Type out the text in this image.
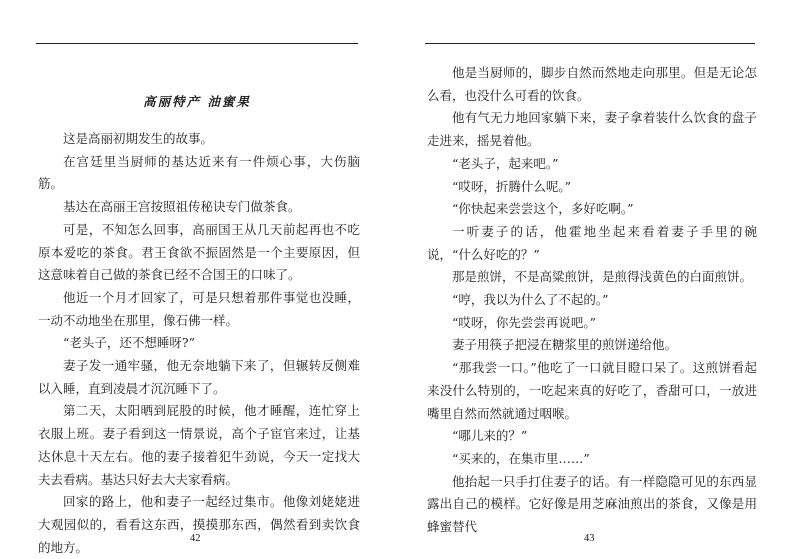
高丽特产 油蜜果

这是高丽初期发生的故事。

在宫廷里当厨师的基达近来有一件烦心事，大伤脑筋。

基达在高丽王宫按照祖传秘诀专门做茶食。

可是，不知怎么回事，高丽国王从几天前起再也不吃原本爱吃的茶食。君王食欲不振固然是一个主要原因，但这意味着自己做的茶食已经不合国王的口味了。

他近一个月才回家了，可是只想着那件事觉也没睡，一动不动地坐在那里，像石佛一样。

“老头子，还不想睡呀?”

妻子发一通牢骚，他无奈地躺下来了，但辗转反侧难以入睡，直到凌晨才沉沉睡下了。

第二天，太阳晒到屁股的时候，他才睡醒，连忙穿上衣服上班。妻子看到这一情景说，高个子宦官来过，让基达休息十天左右。他的妻子接着犯牛劲说，今天一定找大夫去看病。基达只好去大夫家看病。

回家的路上，他和妻子一起经过集市。他像刘姥姥进大观园似的，看看这东西，摸摸那东西，偶然看到卖饮食的地方。

42

他是当厨师的，脚步自然而然地走向那里。但是无论怎么看，也没什么可看的饮食。

他有气无力地回家躺下来，妻子拿着装什么饮食的盘子走进来，摇晃着他。

“老头子，起来吧。”

“哎呀，折腾什么呢。”

“你快起来尝尝这个，多好吃啊。”

一听妻子的话，他霍地坐起来看着妻子手里的碗说，“什么好吃的？”

那是煎饼，不是高粱煎饼，是煎得浅黄色的白面煎饼。

“哼，我以为什么了不起的。”

“哎呀，你先尝尝再说吧。”

妻子用筷子把浸在糖浆里的煎饼递给他。

“那我尝一口。”他吃了一口就目瞪口呆了。这煎饼看起来没什么特别的，一吃起来真的好吃了，香甜可口，一放进嘴里自然而然就通过咽喉。

“哪儿来的？”

“买来的，在集市里……”

他抬起一只手打住妻子的话。有一样隐隐可见的东西显露出自己的模样。它好像是用芝麻油煎出的茶食，又像是用蜂蜜替代

43
